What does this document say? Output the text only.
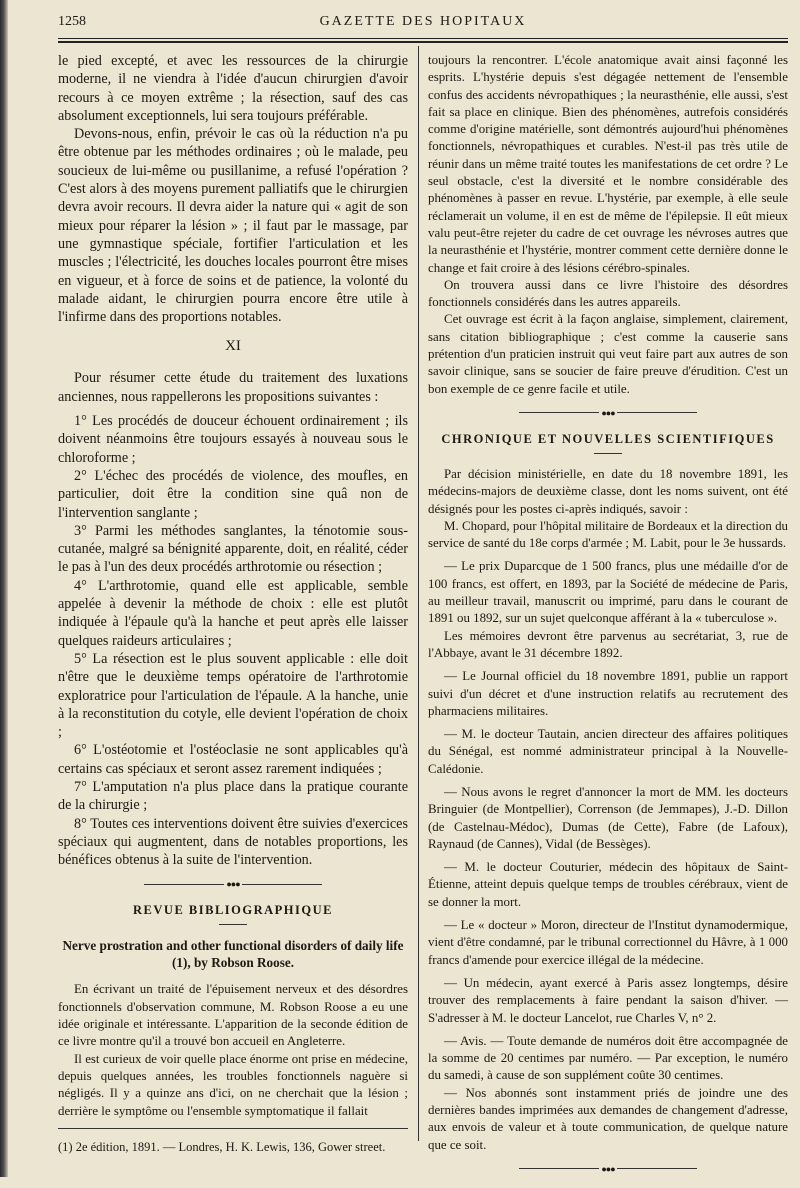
1258	GAZETTE DES HOPITAUX

le pied excepté, et avec les ressources de la chirurgie moderne, il ne viendra à l'idée d'aucun chirurgien d'avoir recours à ce moyen extrême ; la résection, sauf des cas absolument exceptionnels, lui sera toujours préférable.

Devons-nous, enfin, prévoir le cas où la réduction n'a pu être obtenue par les méthodes ordinaires ; où le malade, peu soucieux de lui-même ou pusillanime, a refusé l'opération ? C'est alors à des moyens purement palliatifs que le chirurgien devra avoir recours. Il devra aider la nature qui « agit de son mieux pour réparer la lésion » ; il faut par le massage, par une gymnastique spéciale, fortifier l'articulation et les muscles ; l'électricité, les douches locales pourront être mises en vigueur, et à force de soins et de patience, la volonté du malade aidant, le chirurgien pourra encore être utile à l'infirme dans des proportions notables.

XI

Pour résumer cette étude du traitement des luxations anciennes, nous rappellerons les propositions suivantes :

1° Les procédés de douceur échouent ordinairement ; ils doivent néanmoins être toujours essayés à nouveau sous le chloroforme ;

2° L'échec des procédés de violence, des moufles, en particulier, doit être la condition sine quâ non de l'intervention sanglante ;

3° Parmi les méthodes sanglantes, la ténotomie sous-cutanée, malgré sa bénignité apparente, doit, en réalité, céder le pas à l'un des deux procédés arthrotomie ou résection ;

4° L'arthrotomie, quand elle est applicable, semble appelée à devenir la méthode de choix : elle est plutôt indiquée à l'épaule qu'à la hanche et peut après elle laisser quelques raideurs articulaires ;

5° La résection est le plus souvent applicable : elle doit n'être que le deuxième temps opératoire de l'arthrotomie exploratrice pour l'articulation de l'épaule. A la hanche, unie à la reconstitution du cotyle, elle devient l'opération de choix ;

6° L'ostéotomie et l'ostéoclasie ne sont applicables qu'à certains cas spéciaux et seront assez rarement indiquées ;

7° L'amputation n'a plus place dans la pratique courante de la chirurgie ;

8° Toutes ces interventions doivent être suivies d'exercices spéciaux qui augmentent, dans de notables proportions, les bénéfices obtenus à la suite de l'intervention.

●●●
REVUE BIBLIOGRAPHIQUE
Nerve prostration and other functional disorders of daily life (1), by Robson Roose.

En écrivant un traité de l'épuisement nerveux et des désordres fonctionnels d'observation commune, M. Robson Roose a eu une idée originale et intéressante. L'apparition de la seconde édition de ce livre montre qu'il a trouvé bon accueil en Angleterre.

Il est curieux de voir quelle place énorme ont prise en médecine, depuis quelques années, les troubles fonctionnels naguère si négligés. Il y a quinze ans d'ici, on ne cherchait que la lésion ; derrière le symptôme ou l'ensemble symptomatique il fallait

(1) 2e édition, 1891. — Londres, H. K. Lewis, 136, Gower street.

toujours la rencontrer. L'école anatomique avait ainsi façonné les esprits. L'hystérie depuis s'est dégagée nettement de l'ensemble confus des accidents névropathiques ; la neurasthénie, elle aussi, s'est fait sa place en clinique. Bien des phénomènes, autrefois considérés comme d'origine matérielle, sont démontrés aujourd'hui phénomènes fonctionnels, névropathiques et curables. N'est-il pas très utile de réunir dans un même traité toutes les manifestations de cet ordre ? Le seul obstacle, c'est la diversité et le nombre considérable des phénomènes à passer en revue. L'hystérie, par exemple, à elle seule réclamerait un volume, il en est de même de l'épilepsie. Il eût mieux valu peut-être rejeter du cadre de cet ouvrage les névroses autres que la neurasthénie et l'hystérie, montrer comment cette dernière donne le change et fait croire à des lésions cérébro-spinales.

On trouvera aussi dans ce livre l'histoire des désordres fonctionnels considérés dans les autres appareils.

Cet ouvrage est écrit à la façon anglaise, simplement, clairement, sans citation bibliographique ; c'est comme la causerie sans prétention d'un praticien instruit qui veut faire part aux autres de son savoir clinique, sans se soucier de faire preuve d'érudition. C'est un bon exemple de ce genre facile et utile.

●●●
CHRONIQUE ET NOUVELLES SCIENTIFIQUES

Par décision ministérielle, en date du 18 novembre 1891, les médecins-majors de deuxième classe, dont les noms suivent, ont été désignés pour les postes ci-après indiqués, savoir :

M. Chopard, pour l'hôpital militaire de Bordeaux et la direction du service de santé du 18e corps d'armée ; M. Labit, pour le 3e hussards.

— Le prix Duparcque de 1 500 francs, plus une médaille d'or de 100 francs, est offert, en 1893, par la Société de médecine de Paris, au meilleur travail, manuscrit ou imprimé, paru dans le courant de 1891 ou 1892, sur un sujet quelconque afférant à la « tuberculose ».

Les mémoires devront être parvenus au secrétariat, 3, rue de l'Abbaye, avant le 31 décembre 1892.

— Le Journal officiel du 18 novembre 1891, publie un rapport suivi d'un décret et d'une instruction relatifs au recrutement des pharmaciens militaires.

— M. le docteur Tautain, ancien directeur des affaires politiques du Sénégal, est nommé administrateur principal à la Nouvelle-Calédonie.

— Nous avons le regret d'annoncer la mort de MM. les docteurs Bringuier (de Montpellier), Correnson (de Jemmapes), J.-D. Dillon (de Castelnau-Médoc), Dumas (de Cette), Fabre (de Lafoux), Raynaud (de Cannes), Vidal (de Bessèges).

— M. le docteur Couturier, médecin des hôpitaux de Saint-Étienne, atteint depuis quelque temps de troubles cérébraux, vient de se donner la mort.

— Le « docteur » Moron, directeur de l'Institut dynamodermique, vient d'être condamné, par le tribunal correctionnel du Hâvre, à 1 000 francs d'amende pour exercice illégal de la médecine.

— Un médecin, ayant exercé à Paris assez longtemps, désire trouver des remplacements à faire pendant la saison d'hiver. — S'adresser à M. le docteur Lancelot, rue Charles V, n° 2.

— Avis. — Toute demande de numéros doit être accompagnée de la somme de 20 centimes par numéro. — Par exception, le numéro du samedi, à cause de son supplément coûte 30 centimes.

— Nos abonnés sont instamment priés de joindre une des dernières bandes imprimées aux demandes de changement d'adresse, aux envois de valeur et à toute communication, de quelque nature que ce soit.

●●●
